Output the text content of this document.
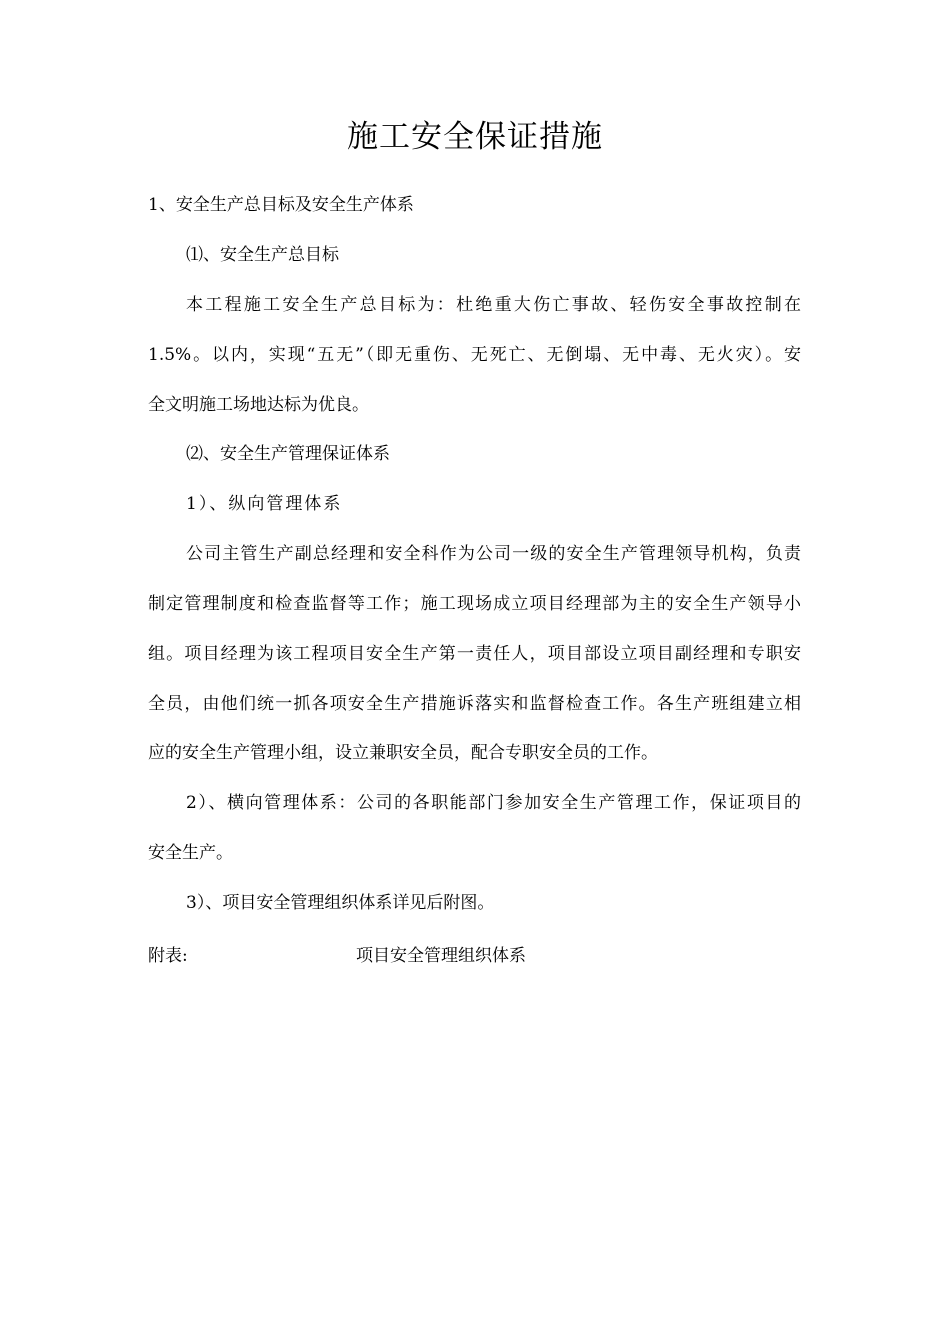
施工安全保证措施
1、安全生产总目标及安全生产体系
⑴、安全生产总目标
本工程施工安全生产总目标为：杜绝重大伤亡事故、轻伤安全事故控制在
1.5%。以内，实现“五无”（即无重伤、无死亡、无倒塌、无中毒、无火灾）。安
全文明施工场地达标为优良。
⑵、安全生产管理保证体系
1）、纵向管理体系
公司主管生产副总经理和安全科作为公司一级的安全生产管理领导机构，负责
制定管理制度和检查监督等工作；施工现场成立项目经理部为主的安全生产领导小
组。项目经理为该工程项目安全生产第一责任人，项目部设立项目副经理和专职安
全员，由他们统一抓各项安全生产措施诉落实和监督检查工作。各生产班组建立相
应的安全生产管理小组，设立兼职安全员，配合专职安全员的工作。
2）、横向管理体系：公司的各职能部门参加安全生产管理工作，保证项目的
安全生产。
3）、项目安全管理组织体系详见后附图。
附表:	项目安全管理组织体系
